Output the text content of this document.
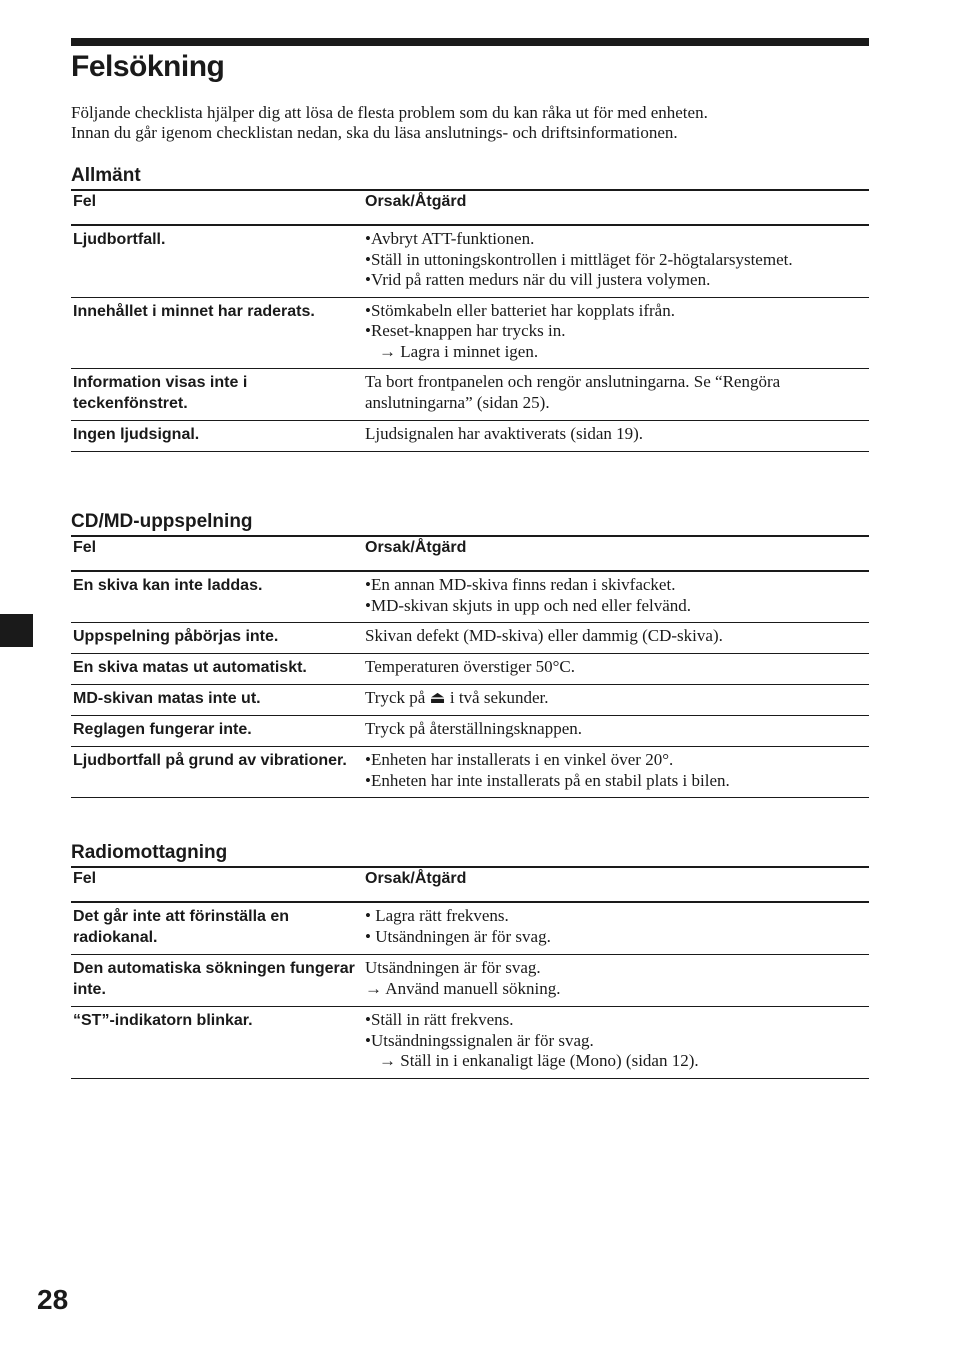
Felsökning

Följande checklista hjälper dig att lösa de flesta problem som du kan råka ut för med enheten.

Innan du går igenom checklistan nedan, ska du läsa anslutnings- och driftsinformationen.

Allmänt
Fel	Orsak/Åtgärd
Ljudbortfall.	•Avbryt ATT-funktionen.
•Ställ in uttoningskontrollen i mittläget för 2-högtalarsystemet.
•Vrid på ratten medurs när du vill justera volymen.

Innehållet i minnet har raderats.	•Stömkabeln eller batteriet har kopplats ifrån.
•Reset-knappen har trycks in.
→ Lagra i minnet igen.

Information visas inte i teckenfönstret.	Ta bort frontpanelen och rengör anslutningarna. Se “Rengöra anslutningarna” (sidan 25).

Ingen ljudsignal.	Ljudsignalen har avaktiverats (sidan 19).
CD/MD-uppspelning
Fel	Orsak/Åtgärd
En skiva kan inte laddas.	•En annan MD-skiva finns redan i skivfacket.
•MD-skivan skjuts in upp och ned eller felvänd.

Uppspelning påbörjas inte.	Skivan defekt (MD-skiva) eller dammig (CD-skiva).

En skiva matas ut automatiskt.	Temperaturen överstiger 50°C.

MD-skivan matas inte ut.	Tryck på ⏏ i två sekunder.

Reglagen fungerar inte.	Tryck på återställningsknappen.

Ljudbortfall på grund av vibrationer.	•Enheten har installerats i en vinkel över 20°.
•Enheten har inte installerats på en stabil plats i bilen.
Radiomottagning
Fel	Orsak/Åtgärd
Det går inte att förinställa en radiokanal.	• Lagra rätt frekvens.
• Utsändningen är för svag.

Den automatiska sökningen fungerar inte.	Utsändningen är för svag.
→ Använd manuell sökning.

“ST”-indikatorn blinkar.	•Ställ in rätt frekvens.
•Utsändningssignalen är för svag.
→ Ställ in i enkanaligt läge (Mono) (sidan 12).
28
